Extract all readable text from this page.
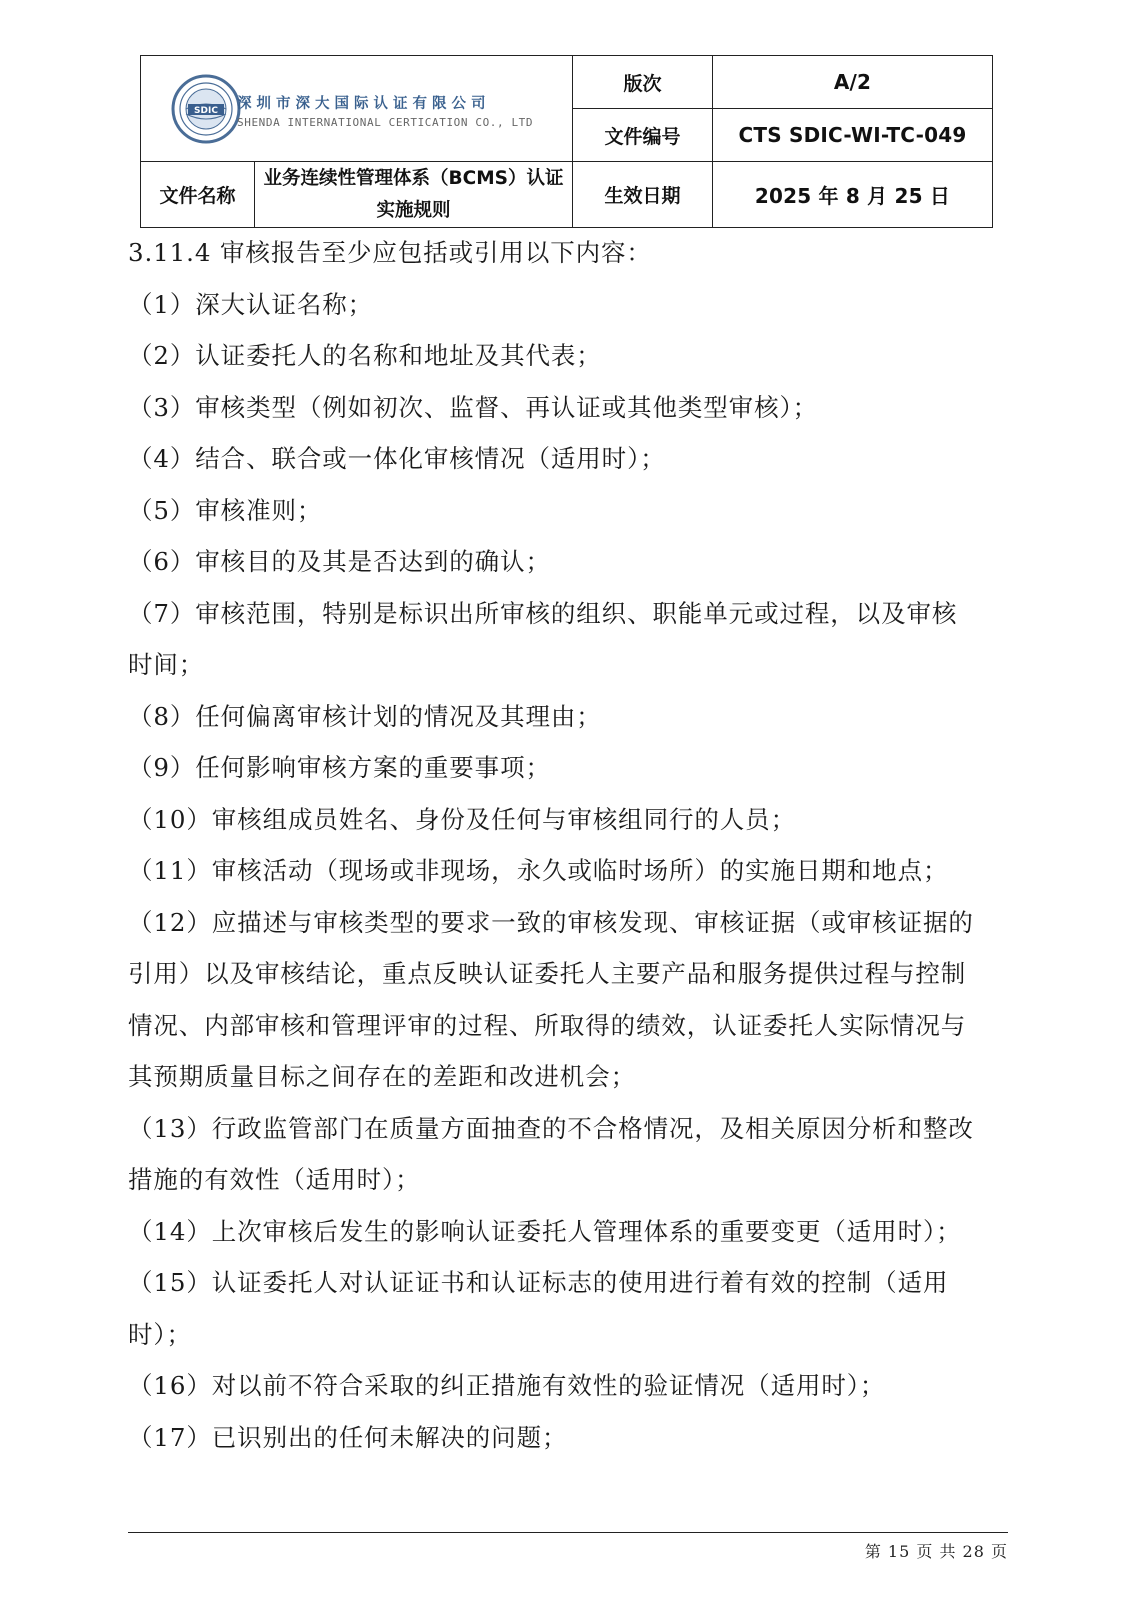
SDIC 深圳市深大国际认证有限公司
SHENDA INTERNATIONAL CERTICATION CO., LTD		版次	A/2
		文件编号	CTS SDIC-WI-TC-049
文件名称	业务连续性管理体系（BCMS）认证实施规则	生效日期	2025 年 8 月 25 日
3.11.4 审核报告至少应包括或引用以下内容：
（1）深大认证名称；
（2）认证委托人的名称和地址及其代表；
（3）审核类型（例如初次、监督、再认证或其他类型审核）；
（4）结合、联合或一体化审核情况（适用时）；
（5）审核准则；
（6）审核目的及其是否达到的确认；
（7）审核范围，特别是标识出所审核的组织、职能单元或过程，以及审核
时间；
（8）任何偏离审核计划的情况及其理由；
（9）任何影响审核方案的重要事项；
（10）审核组成员姓名、身份及任何与审核组同行的人员；
（11）审核活动（现场或非现场，永久或临时场所）的实施日期和地点；
（12）应描述与审核类型的要求一致的审核发现、审核证据（或审核证据的
引用）以及审核结论，重点反映认证委托人主要产品和服务提供过程与控制
情况、内部审核和管理评审的过程、所取得的绩效，认证委托人实际情况与
其预期质量目标之间存在的差距和改进机会；
（13）行政监管部门在质量方面抽查的不合格情况，及相关原因分析和整改
措施的有效性（适用时）；
（14）上次审核后发生的影响认证委托人管理体系的重要变更（适用时）；
（15）认证委托人对认证证书和认证标志的使用进行着有效的控制（适用
时）；
（16）对以前不符合采取的纠正措施有效性的验证情况（适用时）；
（17）已识别出的任何未解决的问题；
第 15 页 共 28 页
